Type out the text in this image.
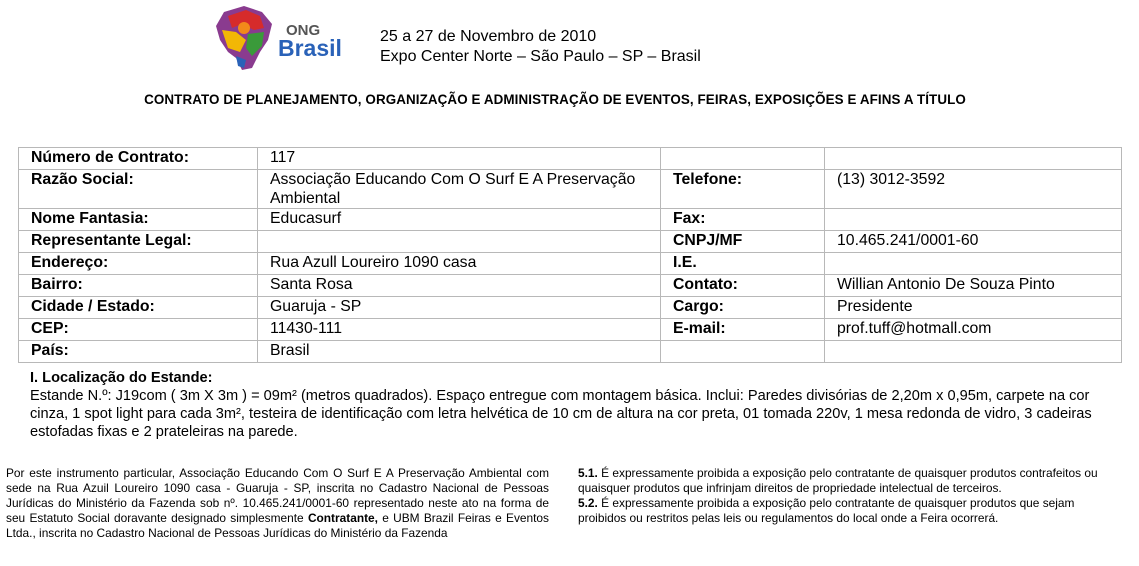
ONG
Brasil 25 a 27 de Novembro de 2010
Expo Center Norte – São Paulo – SP – Brasil
CONTRATO DE PLANEJAMENTO, ORGANIZAÇÃO E ADMINISTRAÇÃO DE EVENTOS, FEIRAS, EXPOSIÇÕES E AFINS A TÍTULO
Número de Contrato:	117		
Razão Social:	Associação Educando Com O Surf E A Preservação Ambiental	Telefone:	(13) 3012-3592
Nome Fantasia:	Educasurf	Fax:	
Representante Legal:		CNPJ/MF	10.465.241/0001-60
Endereço:	Rua Azull Loureiro 1090 casa	I.E.	
Bairro:	Santa Rosa	Contato:	Willian Antonio De Souza Pinto
Cidade / Estado:	Guaruja - SP	Cargo:	Presidente
CEP:	11430-111	E-mail:	prof.tuff@hotmall.com
País:	Brasil		
I. Localização do Estande:
Estande N.º: J19com ( 3m X 3m ) = 09m² (metros quadrados). Espaço entregue com montagem básica. Inclui: Paredes divisórias de 2,20m x 0,95m, carpete na cor cinza, 1 spot light para cada 3m², testeira de identificação com letra helvética de 10 cm de altura na cor preta, 01 tomada 220v, 1 mesa redonda de vidro, 3 cadeiras estofadas fixas e 2 prateleiras na parede.
Por este instrumento particular, Associação Educando Com O Surf E A Preservação Ambiental com sede na Rua Azuil Loureiro 1090 casa - Guaruja - SP, inscrita no Cadastro Nacional de Pessoas Jurídicas do Ministério da Fazenda sob nº. 10.465.241/0001-60 representado neste ato na forma de seu Estatuto Social doravante designado simplesmente Contratante, e UBM Brazil Feiras e Eventos Ltda., inscrita no Cadastro Nacional de Pessoas Jurídicas do Ministério da Fazenda

5.1. É expressamente proibida a exposição pelo contratante de quaisquer produtos contrafeitos ou quaisquer produtos que infrinjam direitos de propriedade intelectual de terceiros.

5.2. É expressamente proibida a exposição pelo contratante de quaisquer produtos que sejam proibidos ou restritos pelas leis ou regulamentos do local onde a Feira ocorrerá.
